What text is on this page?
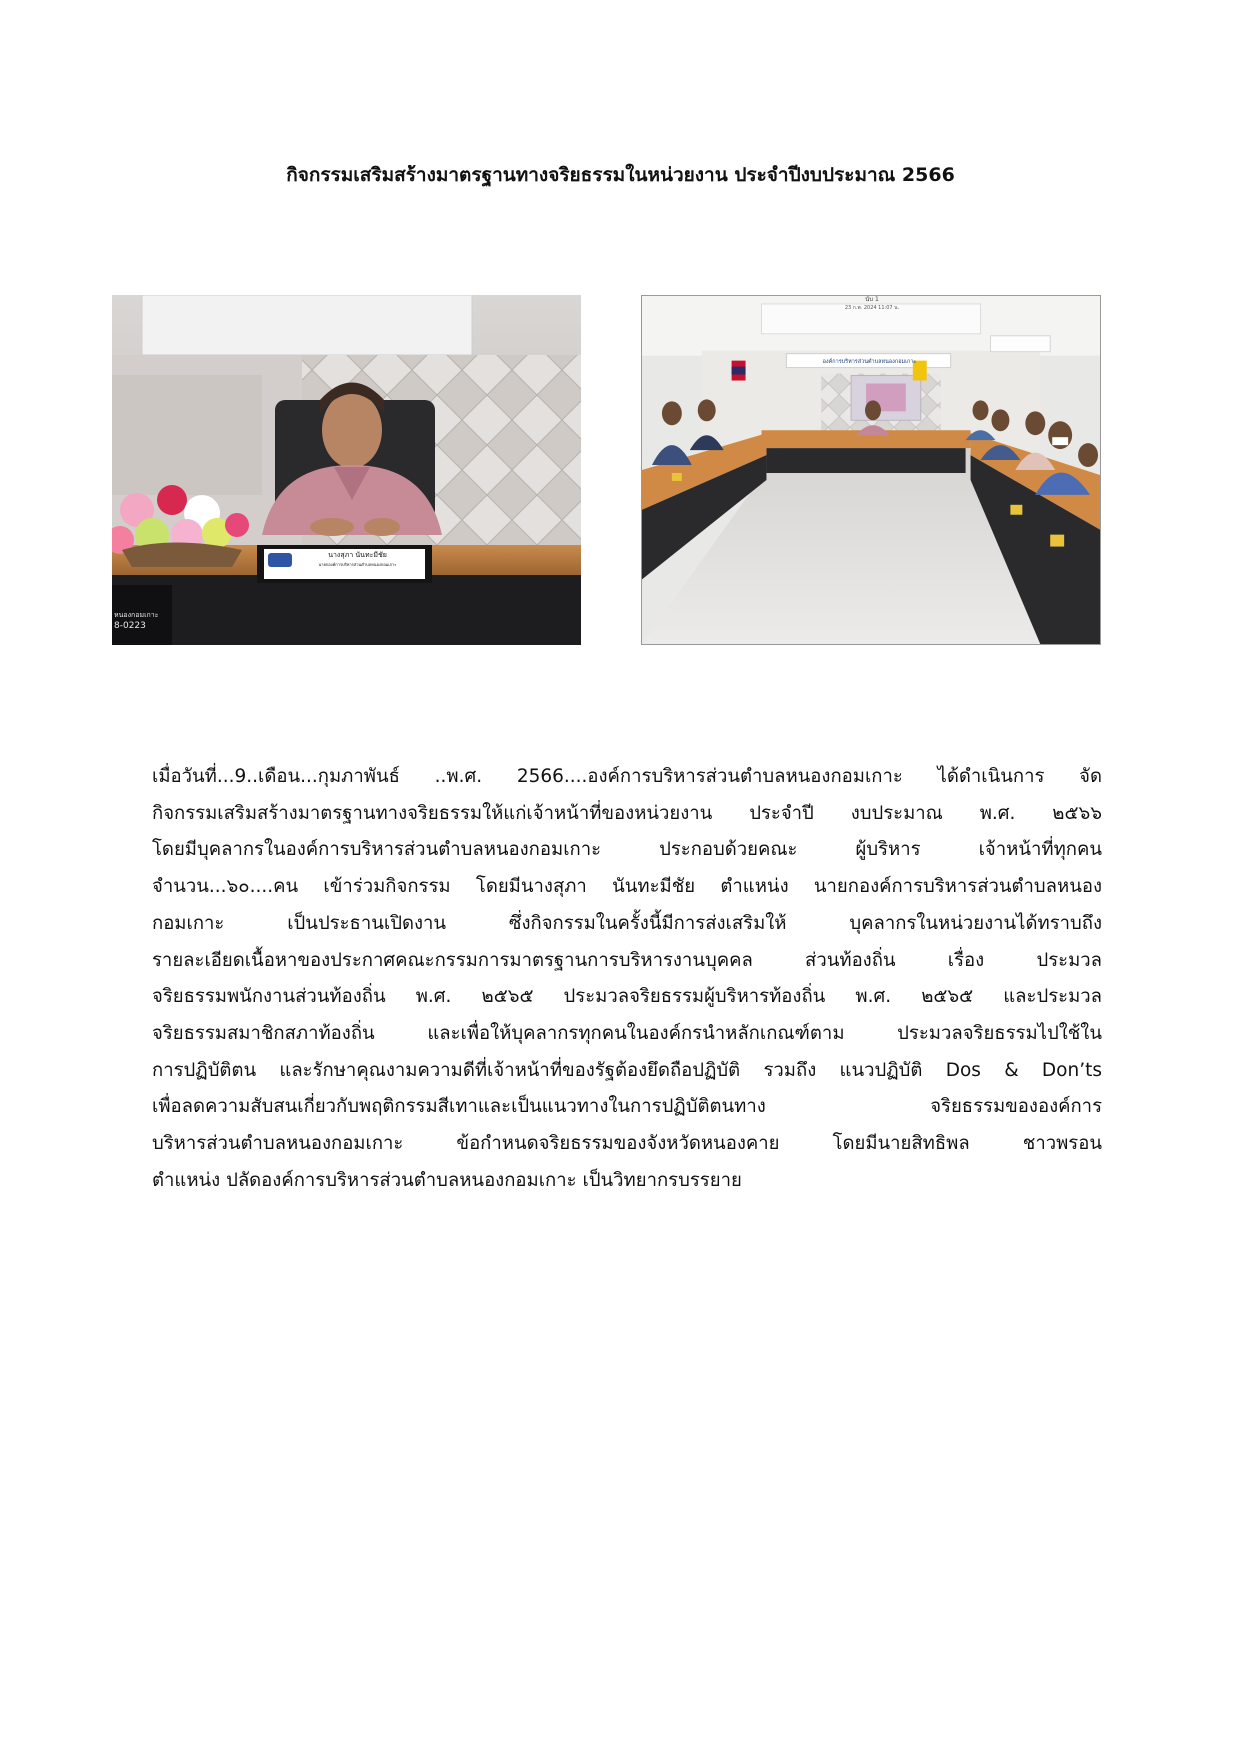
กิจกรรมเสริมสร้างมาตรฐานทางจริยธรรมในหน่วยงาน ประจำปีงบประมาณ 2566
นางสุภา นันทะมีชัย
นายกองค์การบริหารส่วนตำบลหนองกอมเกาะ
หนองกอมเกาะ
8-0223
นับ 1
23 ก.พ. 2024 11:07 น.
องค์การบริหารส่วนตำบลหนองกอมเกาะ

เมื่อวันที่...9..เดือน...กุมภาพันธ์ ..พ.ศ. 2566....องค์การบริหารส่วนตำบลหนองกอมเกาะ ได้ดำเนินการ จัด

กิจกรรมเสริมสร้างมาตรฐานทางจริยธรรมให้แก่เจ้าหน้าที่ของหน่วยงาน ประจำปี งบประมาณ พ.ศ. ๒๕๖๖

โดยมีบุคลากรในองค์การบริหารส่วนตำบลหนองกอมเกาะ ประกอบด้วยคณะ ผู้บริหาร เจ้าหน้าที่ทุกคน

จำนวน...๖๐....คน เข้าร่วมกิจกรรม โดยมีนางสุภา นันทะมีชัย ตำแหน่ง นายกองค์การบริหารส่วนตำบลหนอง

กอมเกาะ เป็นประธานเปิดงาน ซึ่งกิจกรรมในครั้งนี้มีการส่งเสริมให้ บุคลากรในหน่วยงานได้ทราบถึง

รายละเอียดเนื้อหาของประกาศคณะกรรมการมาตรฐานการบริหารงานบุคคล ส่วนท้องถิ่น เรื่อง ประมวล

จริยธรรมพนักงานส่วนท้องถิ่น พ.ศ. ๒๕๖๕ ประมวลจริยธรรมผู้บริหารท้องถิ่น พ.ศ. ๒๕๖๕ และประมวล

จริยธรรมสมาชิกสภาท้องถิ่น และเพื่อให้บุคลากรทุกคนในองค์กรนำหลักเกณฑ์ตาม ประมวลจริยธรรมไปใช้ใน

การปฏิบัติตน และรักษาคุณงามความดีที่เจ้าหน้าที่ของรัฐต้องยึดถือปฏิบัติ รวมถึง แนวปฏิบัติ Dos & Don’ts

เพื่อลดความสับสนเกี่ยวกับพฤติกรรมสีเทาและเป็นแนวทางในการปฏิบัติตนทาง จริยธรรมขององค์การ

บริหารส่วนตำบลหนองกอมเกาะ ข้อกำหนดจริยธรรมของจังหวัดหนองคาย โดยมีนายสิทธิพล ชาวพรอน

ตำแหน่ง ปลัดองค์การบริหารส่วนตำบลหนองกอมเกาะ เป็นวิทยากรบรรยาย
